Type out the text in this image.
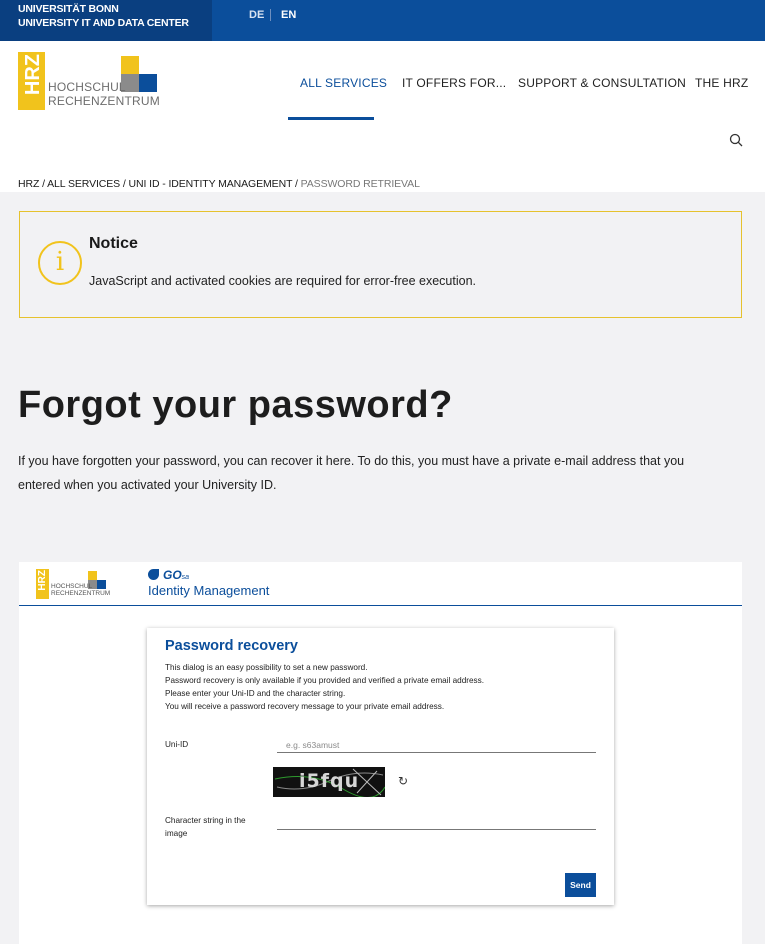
UNIVERSITÄT BONN
UNIVERSITY IT AND DATA CENTER
DE EN
HRZ HOCHSCHUL
RECHENZENTRUM
ALL SERVICES IT OFFERS FOR... SUPPORT & CONSULTATION THE HRZ
HRZ / ALL SERVICES / UNI ID - IDENTITY MANAGEMENT / PASSWORD RETRIEVAL
i
Notice
JavaScript and activated cookies are required for error-free execution.
Forgot your password?
If you have forgotten your password, you can recover it here. To do this, you must have a private e-mail address that you
entered when you activated your University ID.
HRZ HOCHSCHUL
RECHENZENTRUM
GOsa
Identity Management
Password recovery
This dialog is an easy possibility to set a new password.
Password recovery is only available if you provided and verified a private email address.
Please enter your Uni-ID and the character string.
You will receive a password recovery message to your private email address.
Uni-ID
e.g. s63amust
i5fqu	↻
Character string in the image
Send
